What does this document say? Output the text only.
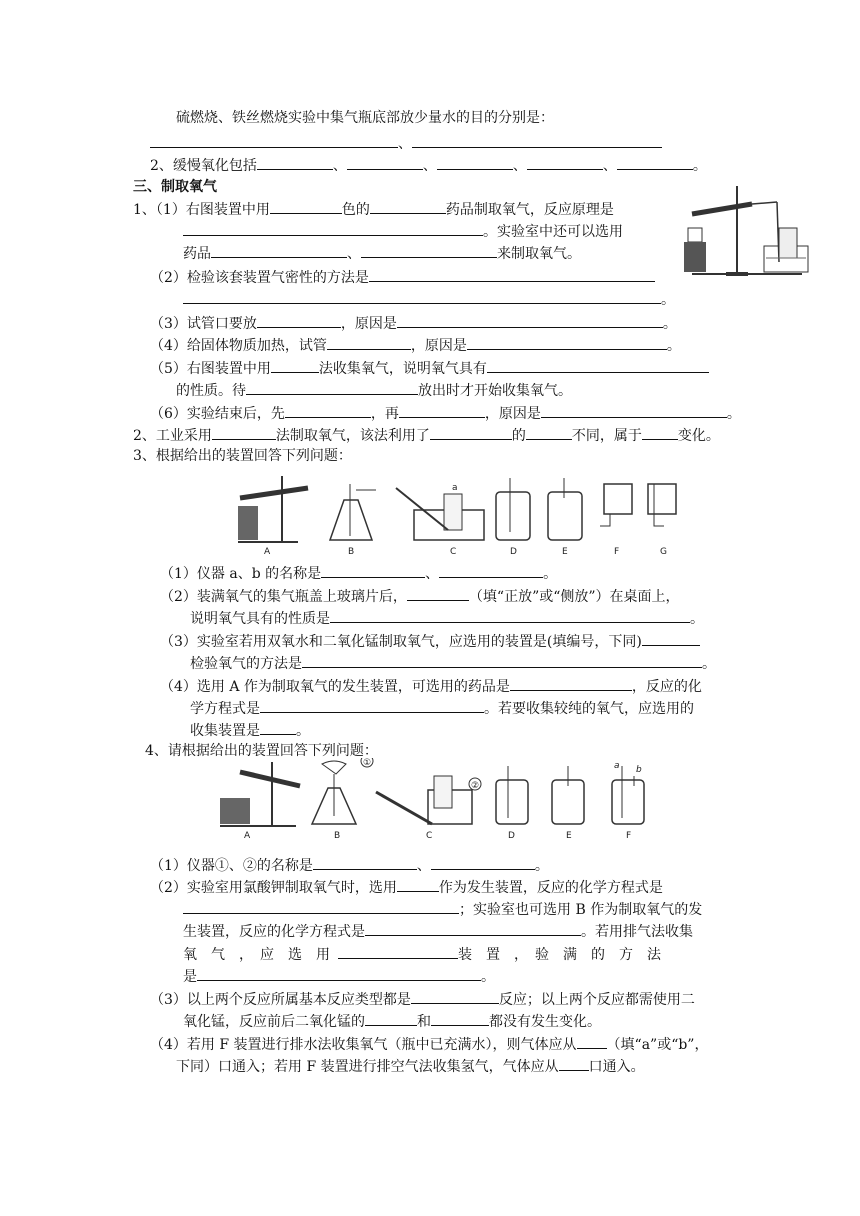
硫燃烧、铁丝燃烧实验中集气瓶底部放少量水的目的分别是：
、
2、缓慢氧化包括	、	、	、	、	。
三、制取氧气
1、（1）右图装置中用	色的	药品制取氧气，反应原理是
。实验室中还可以选用
药品	、	来制取氧气。
（2）检验该套装置气密性的方法是
。
（3）试管口要放	，原因是	。
（4）给固体物质加热，试管	，原因是	。
（5）右图装置中用	法收集氧气，说明氧气具有
的性质。待	放出时才开始收集氧气。
（6）实验结束后，先	，再	，原因是	。
2、工业采用	法制取氧气，该法利用了	的	不同，属于	变化。
3、根据给出的装置回答下列问题：
a
A	B	C	D	E	F	G
（1）仪器 a、b 的名称是	、	。
（2）装满氧气的集气瓶盖上玻璃片后，	（填“正放”或“侧放”）在桌面上，
说明氧气具有的性质是	。
（3）实验室若用双氧水和二氧化锰制取氧气，应选用的装置是(填编号，下同)
检验氧气的方法是	。
（4）选用 A 作为制取氧气的发生装置，可选用的药品是	，反应的化
学方程式是	。若要收集较纯的氧气，应选用的
收集装置是	。
4、请根据给出的装置回答下列问题：
①
②
a b
A	B	C	D	E	F
（1）仪器①、②的名称是	、	。
（2）实验室用氯酸钾制取氧气时，选用	作为发生装置，反应的化学方程式是
；实验室也可选用 B 作为制取氧气的发
生装置，反应的化学方程式是	。若用排气法收集
氧　气　，　应　选　用	装　置　，　验　满　的　方　法
是	。
（3）以上两个反应所属基本反应类型都是	反应；以上两个反应都需使用二
氧化锰，反应前后二氧化锰的	和	都没有发生变化。
（4）若用 F 装置进行排水法收集氧气（瓶中已充满水），则气体应从 （填“a”或“b”，
下同）口通入；若用 F 装置进行排空气法收集氢气，气体应从 口通入。
